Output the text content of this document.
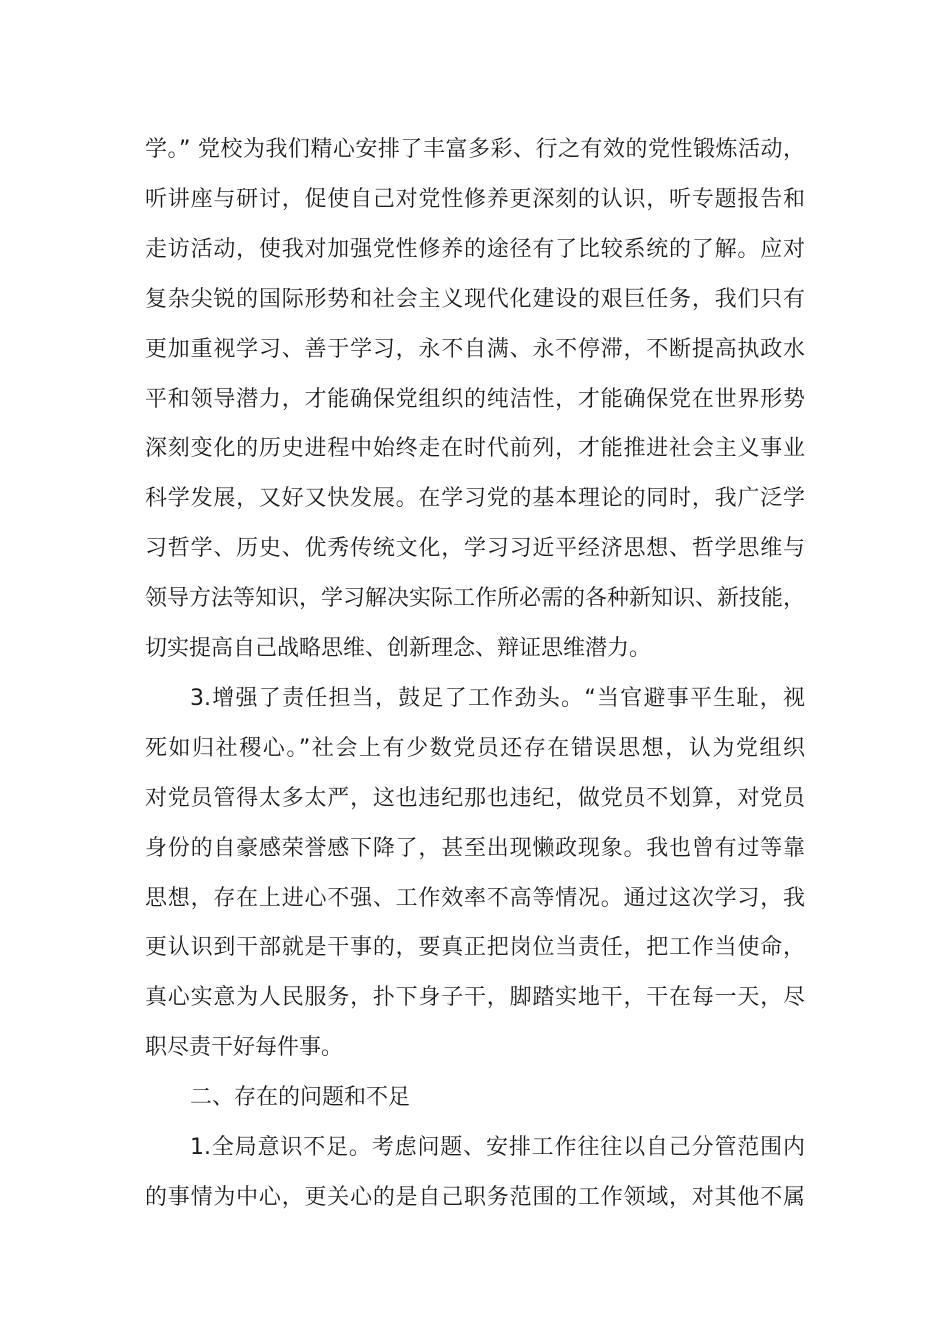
学。” 党校为我们精心安排了丰富多彩、行之有效的党性锻炼活动，
听讲座与研讨，促使自己对党性修养更深刻的认识，听专题报告和
走访活动，使我对加强党性修养的途径有了比较系统的了解。应对
复杂尖锐的国际形势和社会主义现代化建设的艰巨任务，我们只有
更加重视学习、善于学习，永不自满、永不停滞，不断提高执政水
平和领导潜力，才能确保党组织的纯洁性，才能确保党在世界形势
深刻变化的历史进程中始终走在时代前列，才能推进社会主义事业
科学发展，又好又快发展。在学习党的基本理论的同时，我广泛学
习哲学、历史、优秀传统文化，学习习近平经济思想、哲学思维与
领导方法等知识，学习解决实际工作所必需的各种新知识、新技能，
切实提高自己战略思维、创新理念、辩证思维潜力。
3.增强了责任担当，鼓足了工作劲头。“当官避事平生耻，视
死如归社稷心。”社会上有少数党员还存在错误思想，认为党组织
对党员管得太多太严，这也违纪那也违纪，做党员不划算，对党员
身份的自豪感荣誉感下降了，甚至出现懒政现象。我也曾有过等靠
思想，存在上进心不强、工作效率不高等情况。通过这次学习，我
更认识到干部就是干事的，要真正把岗位当责任，把工作当使命，
真心实意为人民服务，扑下身子干，脚踏实地干，干在每一天，尽
职尽责干好每件事。
二、存在的问题和不足
1.全局意识不足。考虑问题、安排工作往往以自己分管范围内
的事情为中心，更关心的是自己职务范围的工作领域，对其他不属
